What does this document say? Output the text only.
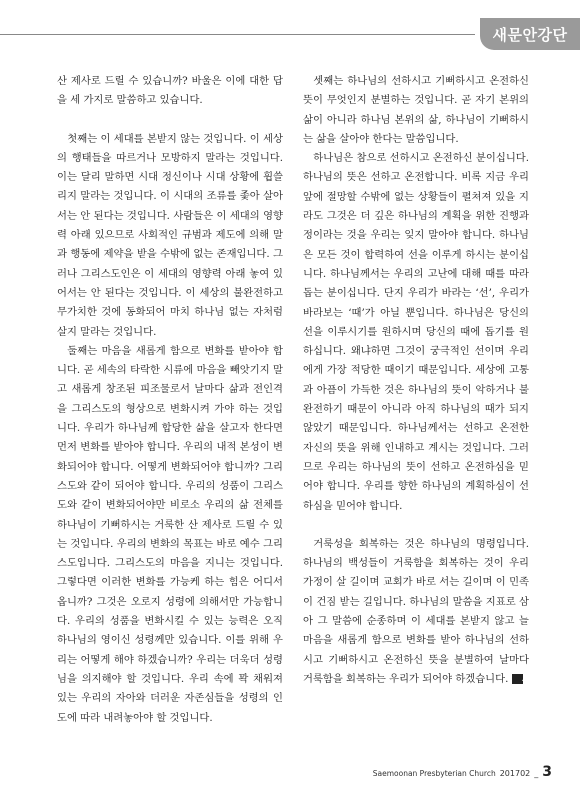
새문안강단

산 제사로 드릴 수 있습니까? 바울은 이에 대한 답을 세 가지로 말씀하고 있습니다.

첫째는 이 세대를 본받지 않는 것입니다. 이 세상의 행태들을 따르거나 모방하지 말라는 것입니다. 이는 달리 말하면 시대 정신이나 시대 상황에 휩쓸리지 말라는 것입니다. 이 시대의 조류를 좇아 살아서는 안 된다는 것입니다. 사람들은 이 세대의 영향력 아래 있으므로 사회적인 규범과 제도에 의해 말과 행동에 제약을 받을 수밖에 없는 존재입니다. 그러나 그리스도인은 이 세대의 영향력 아래 놓여 있어서는 안 된다는 것입니다. 이 세상의 불완전하고 무가치한 것에 동화되어 마치 하나님 없는 자처럼 살지 말라는 것입니다.

둘째는 마음을 새롭게 함으로 변화를 받아야 합니다. 곧 세속의 타락한 시류에 마음을 빼앗기지 말고 새롭게 창조된 피조물로서 날마다 삶과 전인격을 그리스도의 형상으로 변화시켜 가야 하는 것입니다. 우리가 하나님께 합당한 삶을 살고자 한다면 먼저 변화를 받아야 합니다. 우리의 내적 본성이 변화되어야 합니다. 어떻게 변화되어야 합니까? 그리스도와 같이 되어야 합니다. 우리의 성품이 그리스도와 같이 변화되어야만 비로소 우리의 삶 전체를 하나님이 기뻐하시는 거룩한 산 제사로 드릴 수 있는 것입니다. 우리의 변화의 목표는 바로 예수 그리스도입니다. 그리스도의 마음을 지니는 것입니다. 그렇다면 이러한 변화를 가능케 하는 힘은 어디서 옵니까? 그것은 오로지 성령에 의해서만 가능합니다. 우리의 성품을 변화시킬 수 있는 능력은 오직 하나님의 영이신 성령께만 있습니다. 이를 위해 우리는 어떻게 해야 하겠습니까? 우리는 더욱더 성령님을 의지해야 할 것입니다. 우리 속에 꽉 채워져 있는 우리의 자아와 더러운 자존심들을 성령의 인도에 따라 내려놓아야 할 것입니다.

셋째는 하나님의 선하시고 기뻐하시고 온전하신 뜻이 무엇인지 분별하는 것입니다. 곧 자기 본위의 삶이 아니라 하나님 본위의 삶, 하나님이 기뻐하시는 삶을 살아야 한다는 말씀입니다.

하나님은 참으로 선하시고 온전하신 분이십니다. 하나님의 뜻은 선하고 온전합니다. 비록 지금 우리 앞에 절망할 수밖에 없는 상황들이 펼쳐져 있을 지라도 그것은 더 깊은 하나님의 계획을 위한 진행과정이라는 것을 우리는 잊지 말아야 합니다. 하나님은 모든 것이 합력하여 선을 이루게 하시는 분이십니다. 하나님께서는 우리의 고난에 대해 때를 따라 돕는 분이십니다. 단지 우리가 바라는 ‘선’, 우리가 바라보는 ‘때’가 아닐 뿐입니다. 하나님은 당신의 선을 이루시기를 원하시며 당신의 때에 돕기를 원하십니다. 왜냐하면 그것이 궁극적인 선이며 우리에게 가장 적당한 때이기 때문입니다. 세상에 고통과 아픔이 가득한 것은 하나님의 뜻이 악하거나 불완전하기 때문이 아니라 아직 하나님의 때가 되지 않았기 때문입니다. 하나님께서는 선하고 온전한 자신의 뜻을 위해 인내하고 계시는 것입니다. 그러므로 우리는 하나님의 뜻이 선하고 온전하심을 믿어야 합니다. 우리를 향한 하나님의 계획하심이 선하심을 믿어야 합니다.

거룩성을 회복하는 것은 하나님의 명령입니다. 하나님의 백성들이 거룩함을 회복하는 것이 우리 가정이 살 길이며 교회가 바로 서는 길이며 이 민족이 건짐 받는 길입니다. 하나님의 말씀을 지표로 삼아 그 말씀에 순종하며 이 세대를 본받지 않고 늘 마음을 새롭게 함으로 변화를 받아 하나님의 선하시고 기뻐하시고 온전하신 뜻을 분별하여 날마다 거룩함을 회복하는 우리가 되어야 하겠습니다. A

Saemoonan Presbyterian Church 201702 _ 3
